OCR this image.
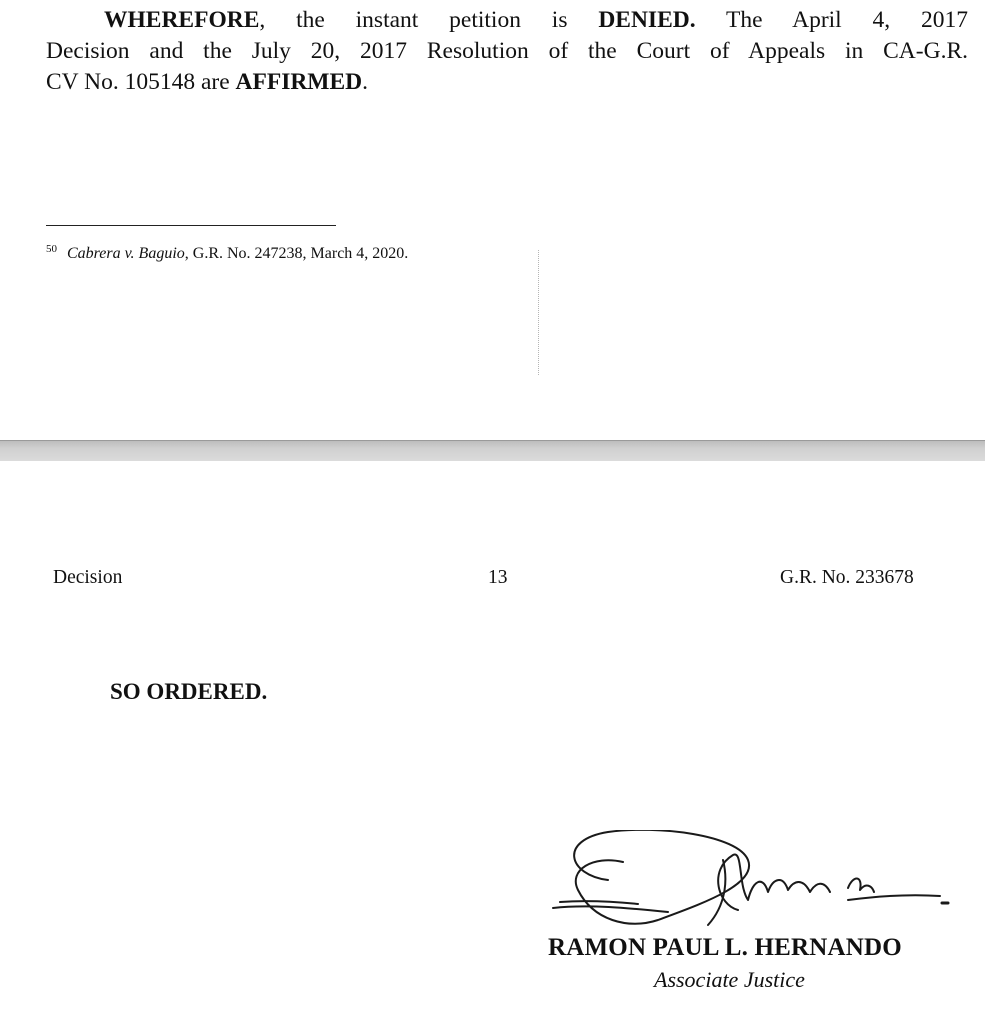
WHEREFORE, the instant petition is DENIED. The April 4, 2017
Decision and the July 20, 2017 Resolution of the Court of Appeals in CA-G.R.
CV No. 105148 are AFFIRMED.

$^{50}$ Cabrera v. Baguio, G.R. No. 247238, March 4, 2020.
Decision	13	G.R. No. 233678
SO ORDERED.
RAMON PAUL L. HERNANDO
Associate Justice
